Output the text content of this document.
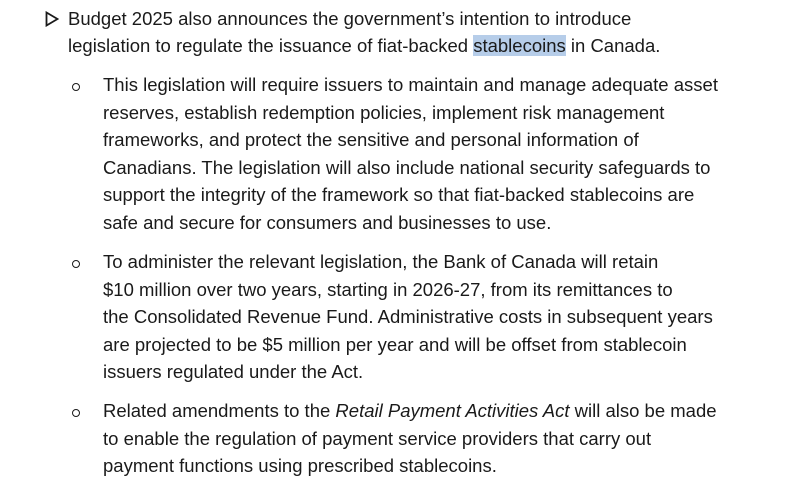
Budget 2025 also announces the government’s intention to introduce
legislation to regulate the issuance of fiat-backed stablecoins in Canada.
This legislation will require issuers to maintain and manage adequate asset
reserves, establish redemption policies, implement risk management
frameworks, and protect the sensitive and personal information of
Canadians. The legislation will also include national security safeguards to
support the integrity of the framework so that fiat-backed stablecoins are
safe and secure for consumers and businesses to use.
To administer the relevant legislation, the Bank of Canada will retain
$10 million over two years, starting in 2026-27, from its remittances to
the Consolidated Revenue Fund. Administrative costs in subsequent years
are projected to be $5 million per year and will be offset from stablecoin
issuers regulated under the Act.
Related amendments to the Retail Payment Activities Act will also be made
to enable the regulation of payment service providers that carry out
payment functions using prescribed stablecoins.
